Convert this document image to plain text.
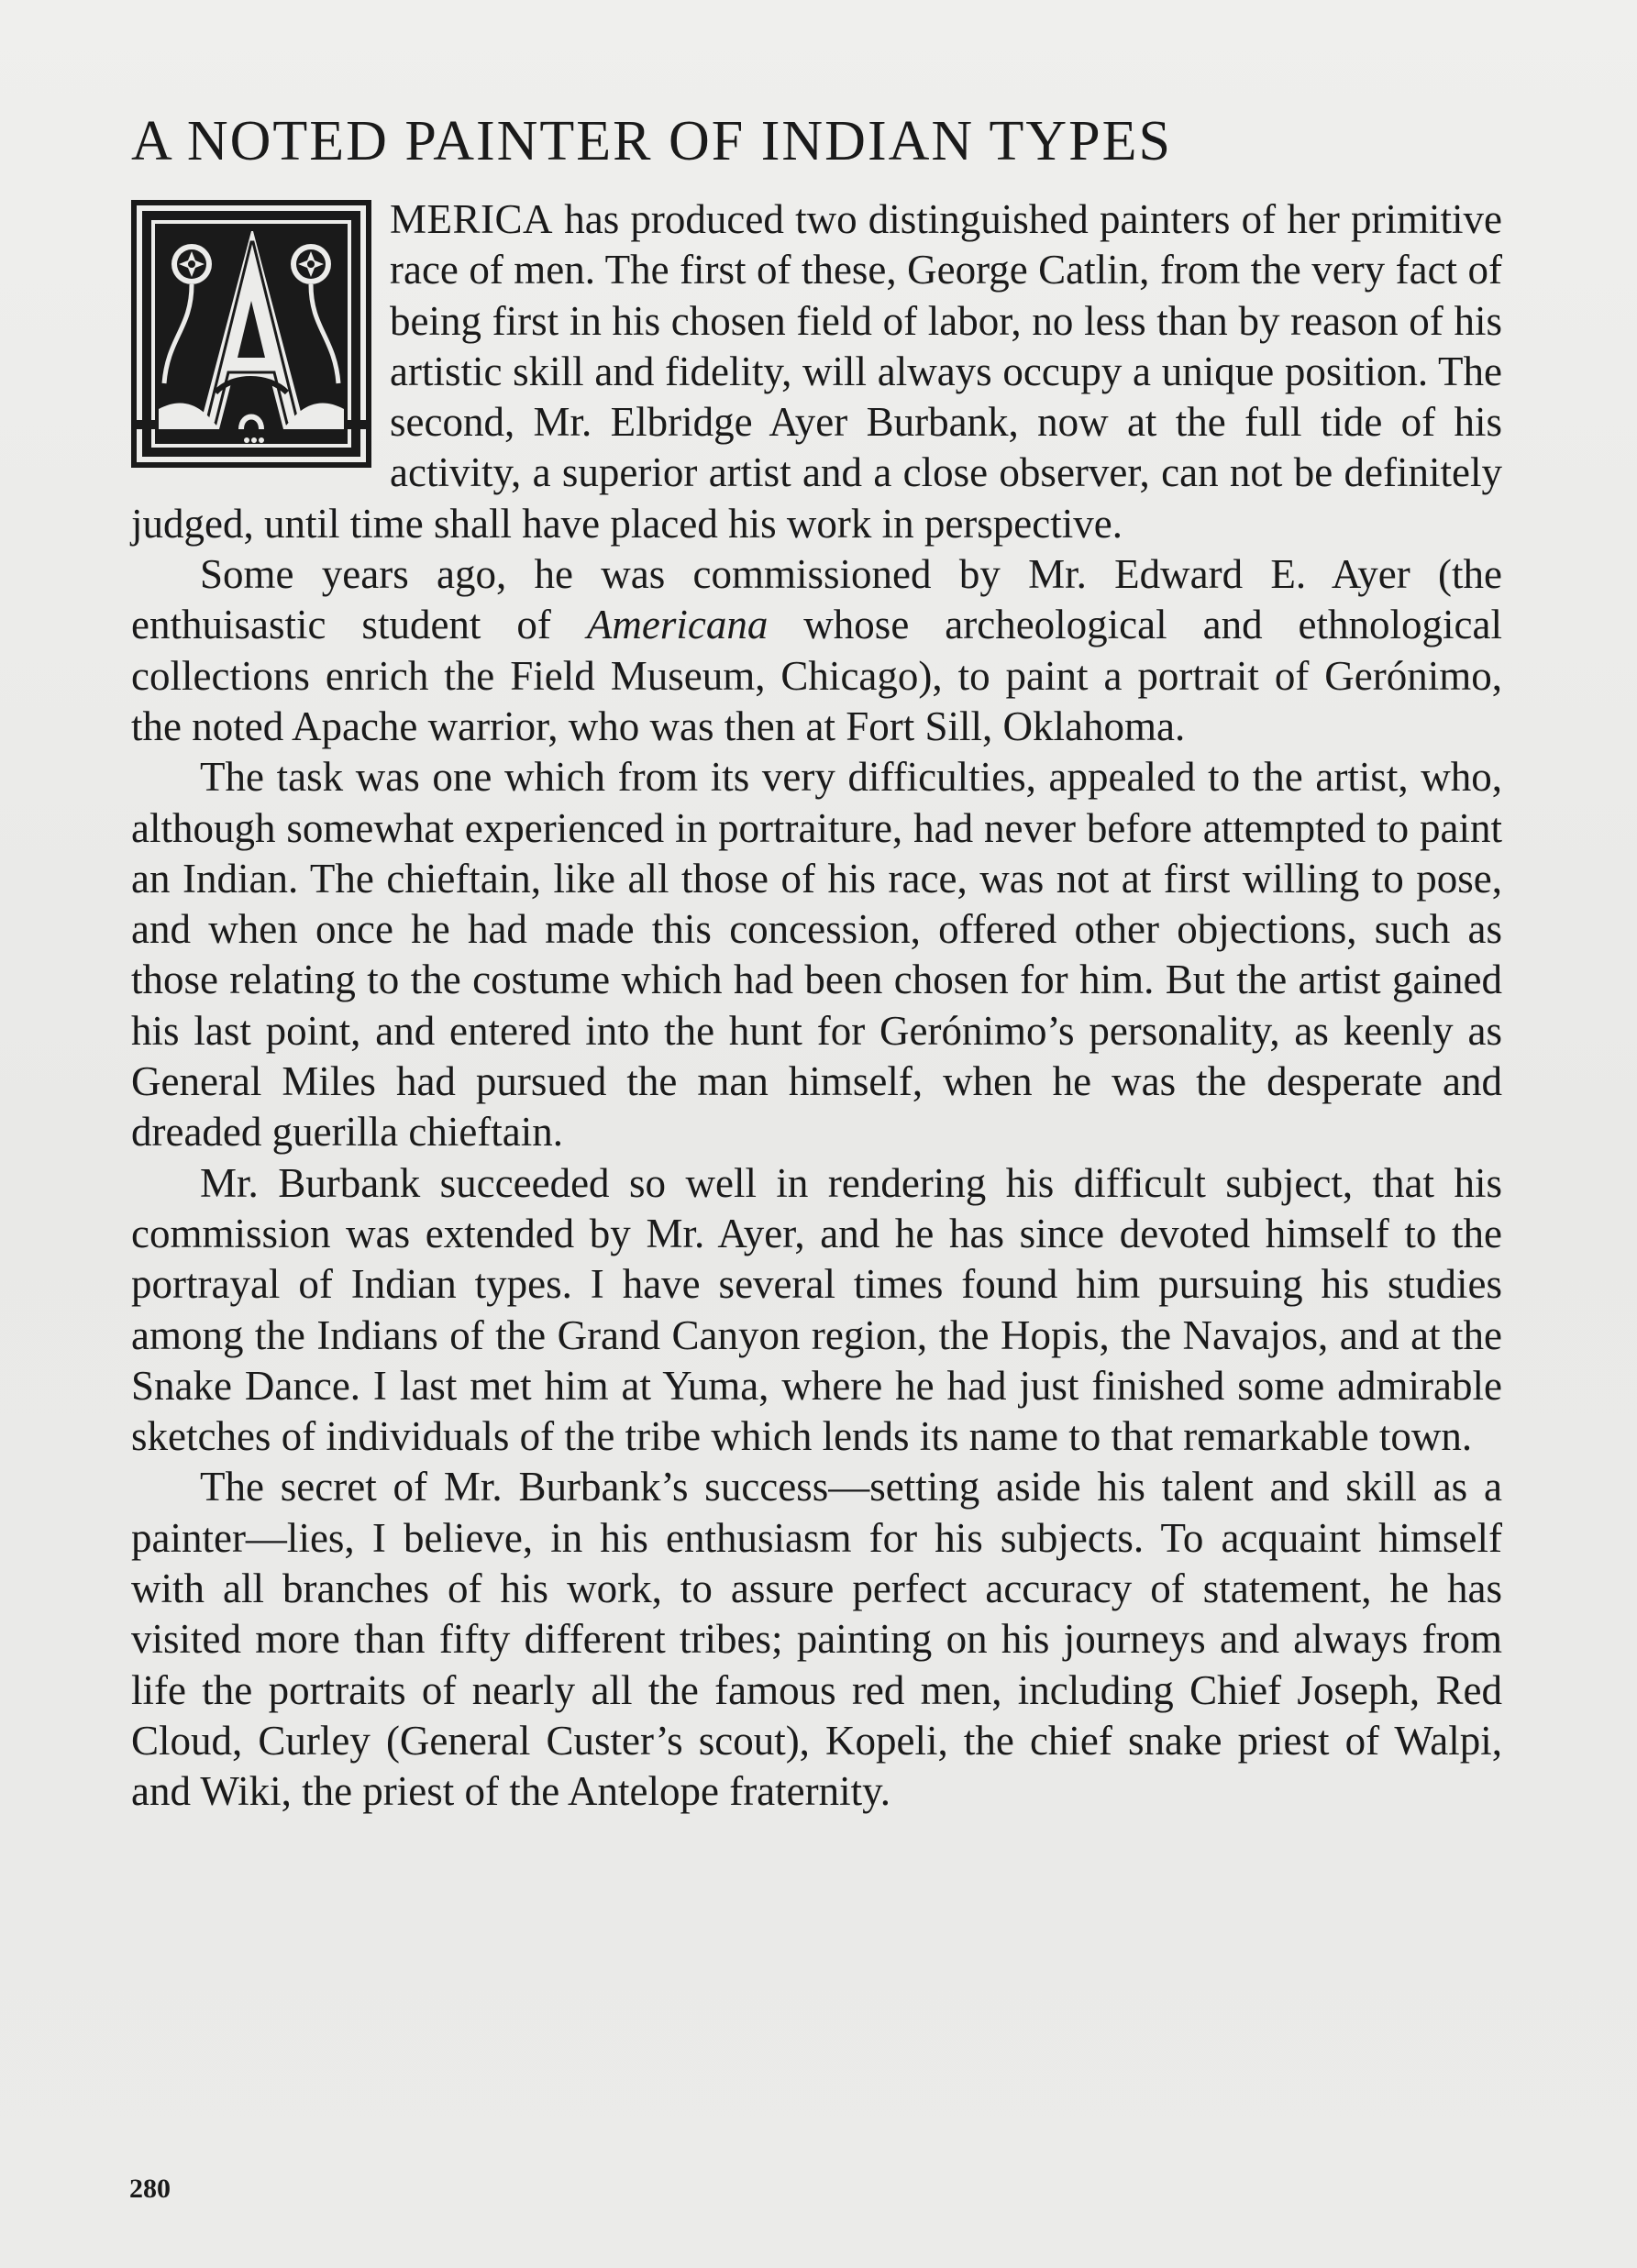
A NOTED PAINTER OF INDIAN TYPES

MERICA has produced two distinguished painters of her primitive race of men. The first of these, George Catlin, from the very fact of being first in his chosen field of labor, no less than by reason of his artistic skill and fidelity, will always occupy a unique position. The second, Mr. Elbridge Ayer Burbank, now at the full tide of his activity, a superior artist and a close observer, can not be definitely judged, until time shall have placed his work in perspective.

Some years ago, he was commissioned by Mr. Edward E. Ayer (the enthuisastic student of Americana whose archeological and ethnological collections enrich the Field Museum, Chicago), to paint a portrait of Gerónimo, the noted Apache warrior, who was then at Fort Sill, Oklahoma.

The task was one which from its very difficulties, appealed to the artist, who, although somewhat experienced in portraiture, had never before attempted to paint an Indian. The chieftain, like all those of his race, was not at first willing to pose, and when once he had made this concession, offered other objections, such as those relating to the costume which had been chosen for him. But the artist gained his last point, and entered into the hunt for Gerónimo’s personality, as keenly as General Miles had pursued the man himself, when he was the desperate and dreaded guerilla chieftain.

Mr. Burbank succeeded so well in rendering his difficult subject, that his commission was extended by Mr. Ayer, and he has since devoted himself to the portrayal of Indian types. I have several times found him pursuing his studies among the Indians of the Grand Canyon region, the Hopis, the Navajos, and at the Snake Dance. I last met him at Yuma, where he had just finished some admirable sketches of individuals of the tribe which lends its name to that remarkable town.

The secret of Mr. Burbank’s success—setting aside his talent and skill as a painter—lies, I believe, in his enthusiasm for his subjects. To acquaint himself with all branches of his work, to assure perfect accuracy of statement, he has visited more than fifty different tribes; painting on his journeys and always from life the portraits of nearly all the famous red men, including Chief Joseph, Red Cloud, Curley (General Custer’s scout), Kopeli, the chief snake priest of Walpi, and Wiki, the priest of the Antelope fraternity.

280
